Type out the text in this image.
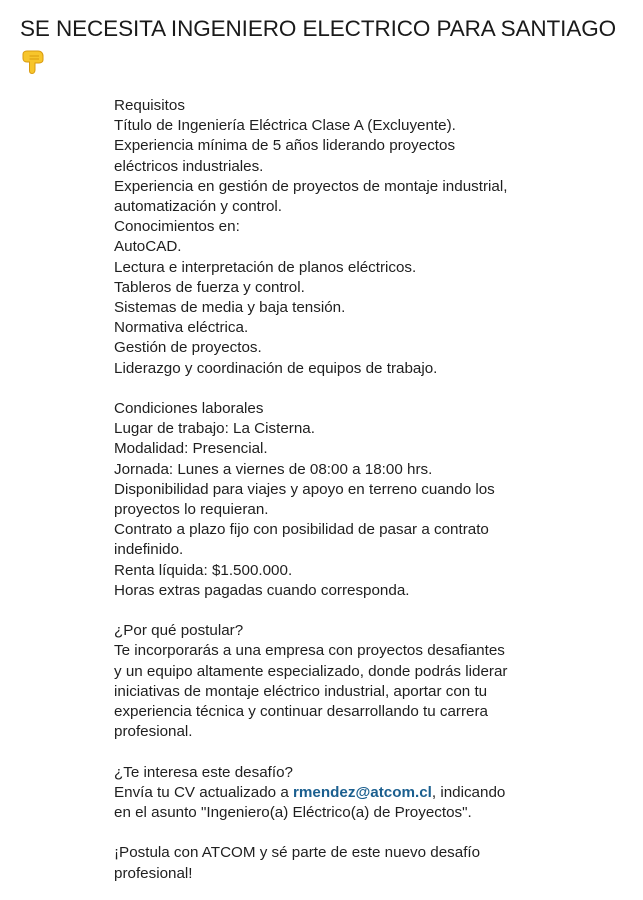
SE NECESITA INGENIERO ELECTRICO PARA SANTIAGO
Requisitos
Título de Ingeniería Eléctrica Clase A (Excluyente).
Experiencia mínima de 5 años liderando proyectos
eléctricos industriales.
Experiencia en gestión de proyectos de montaje industrial,
automatización y control.
Conocimientos en:
AutoCAD.
Lectura e interpretación de planos eléctricos.
Tableros de fuerza y control.
Sistemas de media y baja tensión.
Normativa eléctrica.
Gestión de proyectos.
Liderazgo y coordinación de equipos de trabajo.
Condiciones laborales
Lugar de trabajo: La Cisterna.
Modalidad: Presencial.
Jornada: Lunes a viernes de 08:00 a 18:00 hrs.
Disponibilidad para viajes y apoyo en terreno cuando los
proyectos lo requieran.
Contrato a plazo fijo con posibilidad de pasar a contrato
indefinido.
Renta líquida: $1.500.000.
Horas extras pagadas cuando corresponda.
¿Por qué postular?
Te incorporarás a una empresa con proyectos desafiantes
y un equipo altamente especializado, donde podrás liderar
iniciativas de montaje eléctrico industrial, aportar con tu
experiencia técnica y continuar desarrollando tu carrera
profesional.
¿Te interesa este desafío?
Envía tu CV actualizado a rmendez@atcom.cl, indicando
en el asunto "Ingeniero(a) Eléctrico(a) de Proyectos".
¡Postula con ATCOM y sé parte de este nuevo desafío
profesional!
